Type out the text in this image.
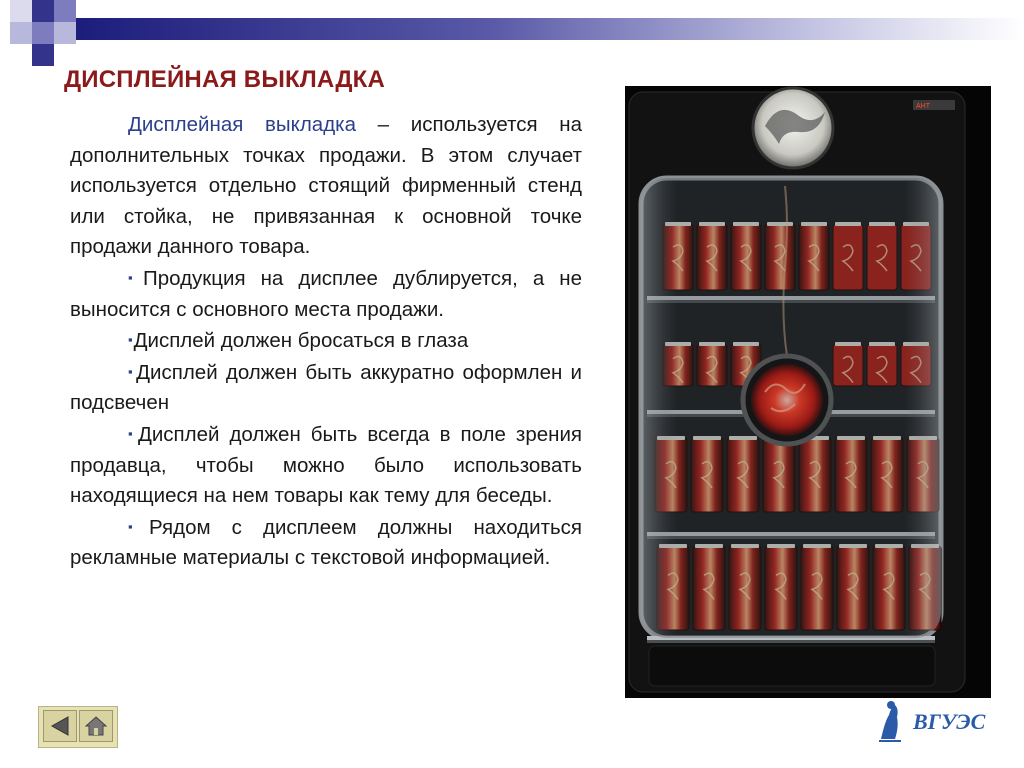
ДИСПЛЕЙНАЯ ВЫКЛАДКА

Дисплейная выкладка – используется на дополнительных точках продажи. В этом случает используется отдельно стоящий фирменный стенд или стойка, не привязанная к основной точке продажи данного товара.

▪Продукция на дисплее дублируется, а не выносится с основного места продажи.

▪Дисплей должен бросаться в глаза

▪Дисплей должен быть аккуратно оформлен и подсвечен

▪Дисплей должен быть всегда в поле зрения продавца, чтобы можно было использовать находящиеся на нем товары как тему для беседы.

▪Рядом с дисплеем должны находиться рекламные материалы с текстовой информацией.

АНТ
ВГУЭС
